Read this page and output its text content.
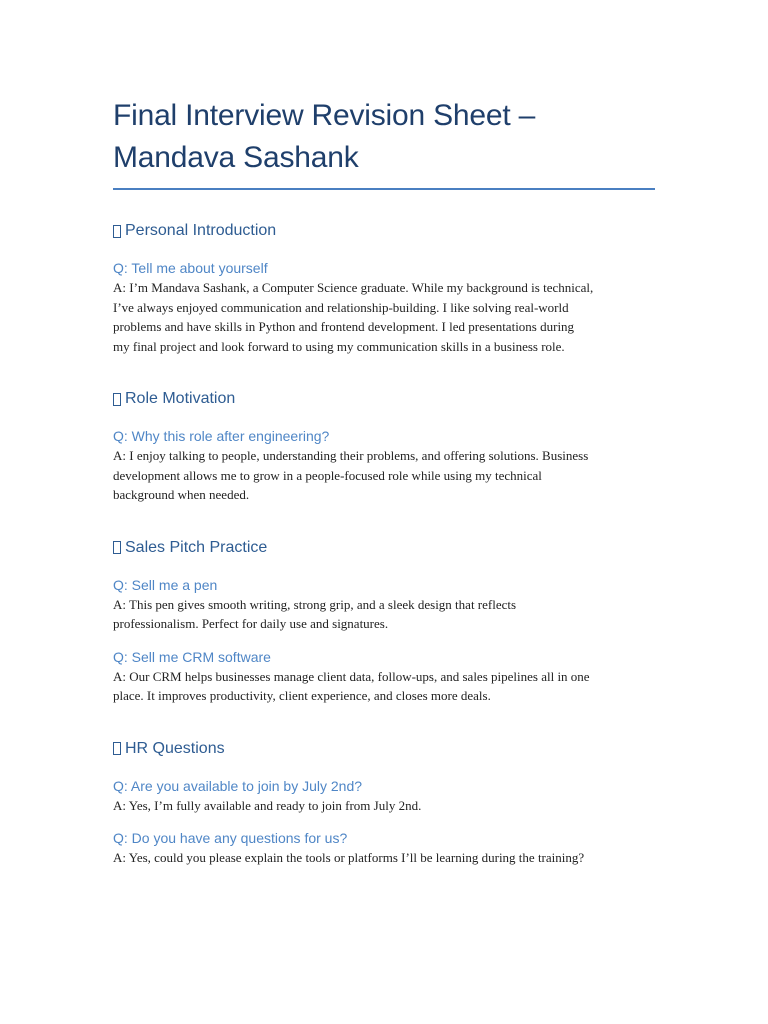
Final Interview Revision Sheet –
Mandava Sashank
Personal Introduction

Q: Tell me about yourself

A: I’m Mandava Sashank, a Computer Science graduate. While my background is technical,
I’ve always enjoyed communication and relationship-building. I like solving real-world
problems and have skills in Python and frontend development. I led presentations during
my final project and look forward to using my communication skills in a business role.
Role Motivation

Q: Why this role after engineering?

A: I enjoy talking to people, understanding their problems, and offering solutions. Business
development allows me to grow in a people-focused role while using my technical
background when needed.
Sales Pitch Practice

Q: Sell me a pen

A: This pen gives smooth writing, strong grip, and a sleek design that reflects
professionalism. Perfect for daily use and signatures.

Q: Sell me CRM software

A: Our CRM helps businesses manage client data, follow-ups, and sales pipelines all in one
place. It improves productivity, client experience, and closes more deals.
HR Questions

Q: Are you available to join by July 2nd?

A: Yes, I’m fully available and ready to join from July 2nd.

Q: Do you have any questions for us?

A: Yes, could you please explain the tools or platforms I’ll be learning during the training?
